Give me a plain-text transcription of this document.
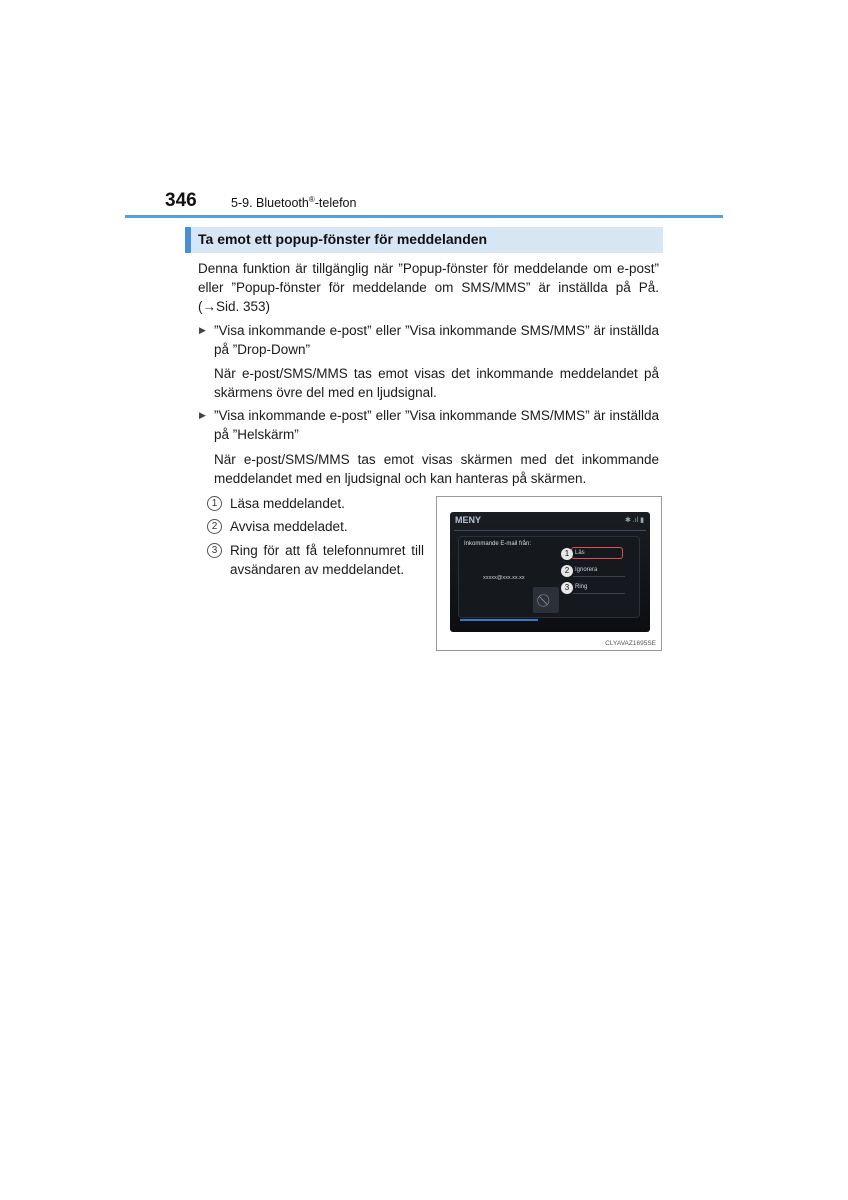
346	5-9. Bluetooth®-telefon
Ta emot ett popup-fönster för meddelanden
Denna funktion är tillgänglig när ”Popup-fönster för meddelande om e-post”
eller ”Popup-fönster för meddelande om SMS/MMS” är inställda på På.
(→Sid. 353)
▶ ”Visa inkommande e-post” eller ”Visa inkommande SMS/MMS” är inställda
på ”Drop-Down”
När e-post/SMS/MMS tas emot visas det inkommande meddelandet på
skärmens övre del med en ljudsignal.
▶ ”Visa inkommande e-post” eller ”Visa inkommande SMS/MMS” är inställda
på ”Helskärm”
När e-post/SMS/MMS tas emot visas skärmen med det inkommande
meddelandet med en ljudsignal och kan hanteras på skärmen.
1 Läsa meddelandet.
2 Avvisa meddeladet.
3 Ring för att få telefonnumret till
avsändaren av meddelandet.
MENY	✱ .ıl ▮
Inkommande E-mail från:
xxxxx@xxx.xx.xx
1 Läs
2 Ignorera
3 Ring
CLYAVAZ1695SE
